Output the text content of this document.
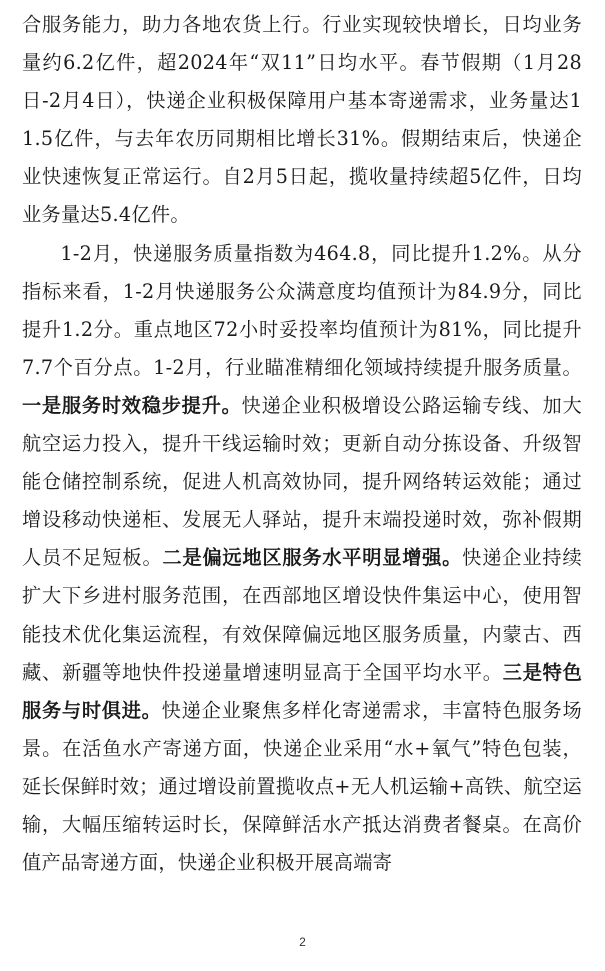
合服务能力，助力各地农货上行。行业实现较快增长，日均业务量约6.2亿件，超2024年“双11”日均水平。春节假期（1月28日-2月4日），快递企业积极保障用户基本寄递需求，业务量达11.5亿件，与去年农历同期相比增长31%。假期结束后，快递企业快速恢复正常运行。自2月5日起，揽收量持续超5亿件，日均业务量达5.4亿件。

1-2月，快递服务质量指数为464.8，同比提升1.2%。从分指标来看，1-2月快递服务公众满意度均值预计为84.9分，同比提升1.2分。重点地区72小时妥投率均值预计为81%，同比提升7.7个百分点。1-2月，行业瞄准精细化领域持续提升服务质量。一是服务时效稳步提升。快递企业积极增设公路运输专线、加大航空运力投入，提升干线运输时效；更新自动分拣设备、升级智能仓储控制系统，促进人机高效协同，提升网络转运效能；通过增设移动快递柜、发展无人驿站，提升末端投递时效，弥补假期人员不足短板。二是偏远地区服务水平明显增强。快递企业持续扩大下乡进村服务范围，在西部地区增设快件集运中心，使用智能技术优化集运流程，有效保障偏远地区服务质量，内蒙古、西藏、新疆等地快件投递量增速明显高于全国平均水平。三是特色服务与时俱进。快递企业聚焦多样化寄递需求，丰富特色服务场景。在活鱼水产寄递方面，快递企业采用“水+氧气”特色包装，延长保鲜时效；通过增设前置揽收点+无人机运输+高铁、航空运输，大幅压缩转运时长，保障鲜活水产抵达消费者餐桌。在高价值产品寄递方面，快递企业积极开展高端寄

2
